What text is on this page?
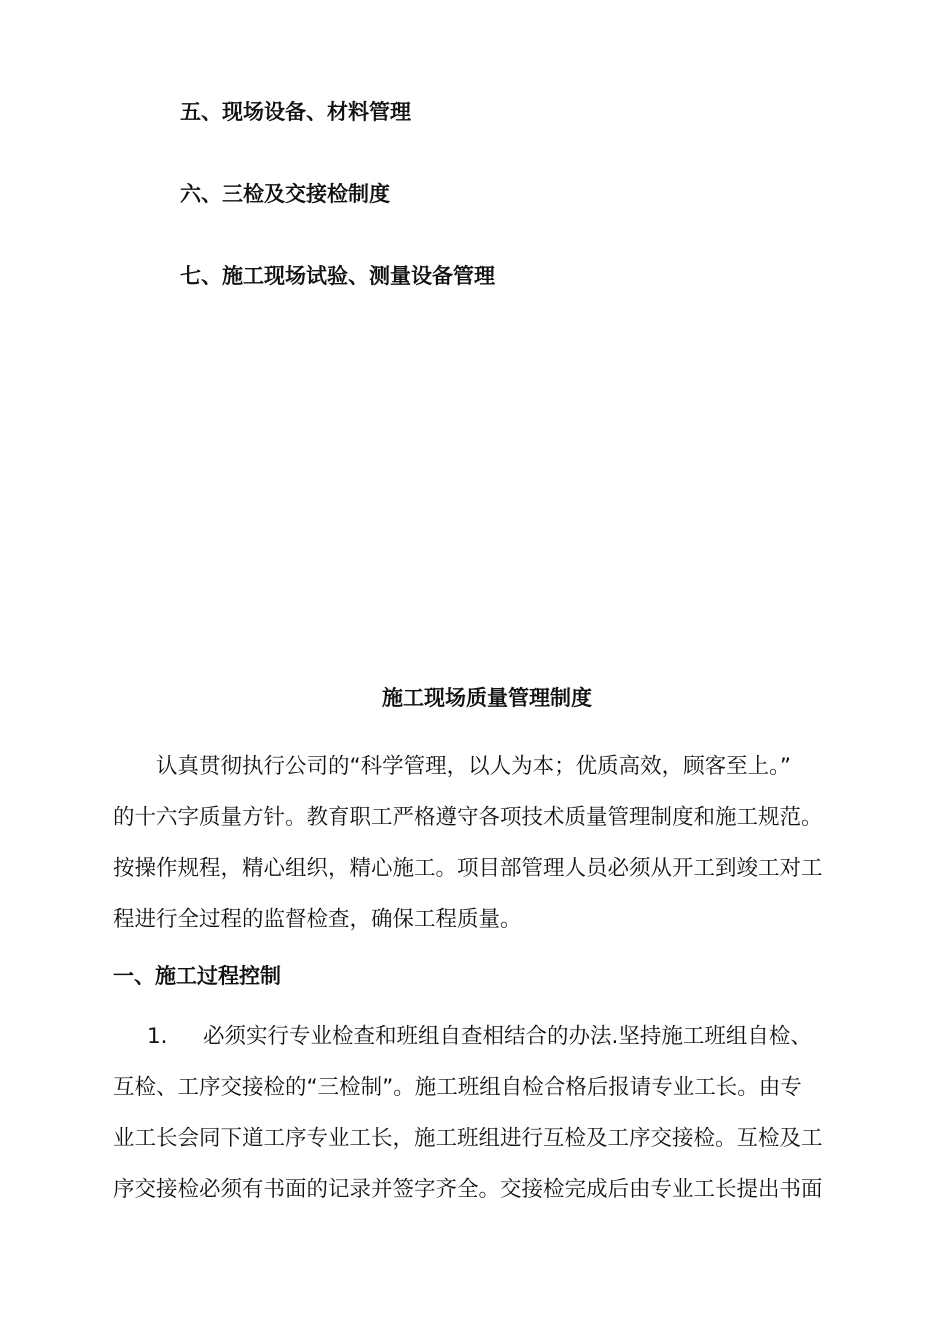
五、现场设备、材料管理
六、三检及交接检制度
七、施工现场试验、测量设备管理
施工现场质量管理制度
认真贯彻执行公司的“科学管理，以人为本；优质高效，顾客至上。”
的十六字质量方针。教育职工严格遵守各项技术质量管理制度和施工规范。
按操作规程，精心组织，精心施工。项目部管理人员必须从开工到竣工对工
程进行全过程的监督检查，确保工程质量。
一、施工过程控制
1. 必须实行专业检查和班组自查相结合的办法.坚持施工班组自检、
互检、工序交接检的“三检制”。施工班组自检合格后报请专业工长。由专
业工长会同下道工序专业工长，施工班组进行互检及工序交接检。互检及工
序交接检必须有书面的记录并签字齐全。交接检完成后由专业工长提出书面
